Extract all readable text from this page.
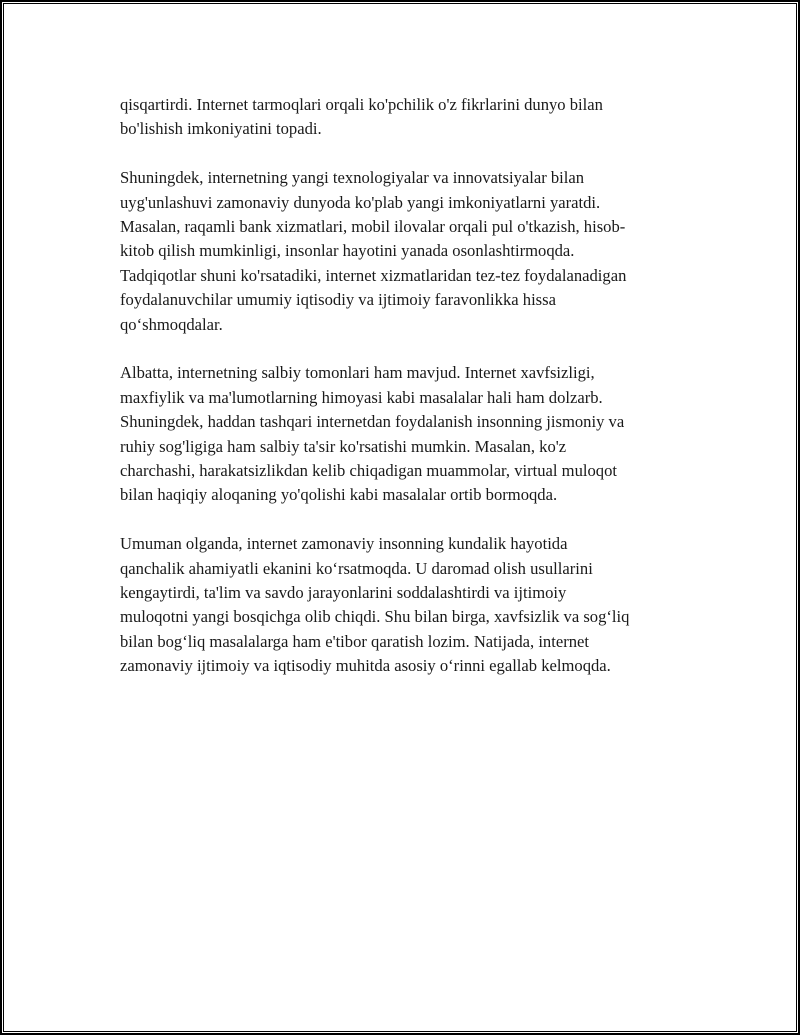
qisqartirdi. Internet tarmoqlari orqali ko'pchilik o'z fikrlarini dunyo bilan
bo'lishish imkoniyatini topadi.

Shuningdek, internetning yangi texnologiyalar va innovatsiyalar bilan
uyg'unlashuvi zamonaviy dunyoda ko'plab yangi imkoniyatlarni yaratdi.
Masalan, raqamli bank xizmatlari, mobil ilovalar orqali pul o'tkazish, hisob-
kitob qilish mumkinligi, insonlar hayotini yanada osonlashtirmoqda.
Tadqiqotlar shuni ko'rsatadiki, internet xizmatlaridan tez-tez foydalanadigan
foydalanuvchilar umumiy iqtisodiy va ijtimoiy faravonlikka hissa
qo‘shmoqdalar.

Albatta, internetning salbiy tomonlari ham mavjud. Internet xavfsizligi,
maxfiylik va ma'lumotlarning himoyasi kabi masalalar hali ham dolzarb.
Shuningdek, haddan tashqari internetdan foydalanish insonning jismoniy va
ruhiy sog'ligiga ham salbiy ta'sir ko'rsatishi mumkin. Masalan, ko'z
charchashi, harakatsizlikdan kelib chiqadigan muammolar, virtual muloqot
bilan haqiqiy aloqaning yo'qolishi kabi masalalar ortib bormoqda.

Umuman olganda, internet zamonaviy insonning kundalik hayotida
qanchalik ahamiyatli ekanini ko‘rsatmoqda. U daromad olish usullarini
kengaytirdi, ta'lim va savdo jarayonlarini soddalashtirdi va ijtimoiy
muloqotni yangi bosqichga olib chiqdi. Shu bilan birga, xavfsizlik va sog‘liq
bilan bog‘liq masalalarga ham e'tibor qaratish lozim. Natijada, internet
zamonaviy ijtimoiy va iqtisodiy muhitda asosiy o‘rinni egallab kelmoqda.
